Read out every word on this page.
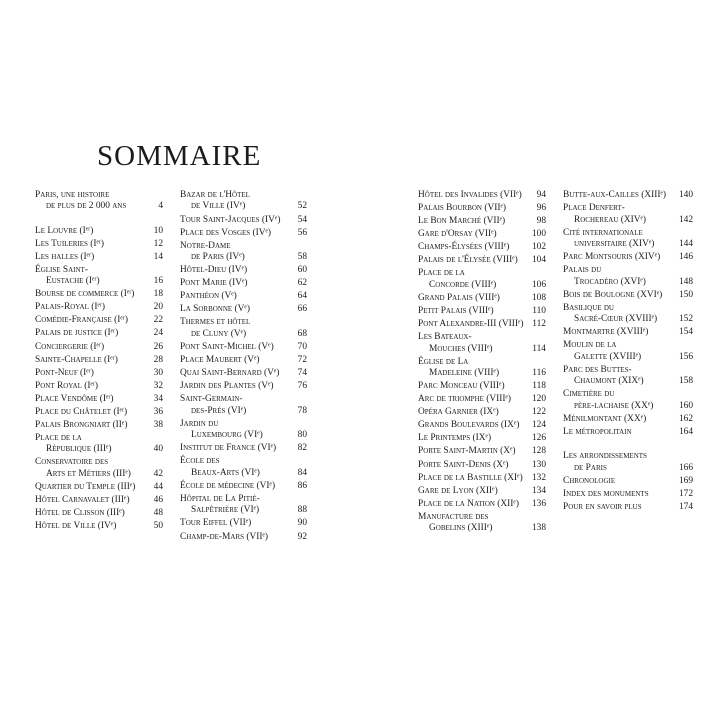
SOMMAIRE
Paris, une histoire
de plus de 2 000 ans	4
Le Louvre (Iᵉʳ)	10
Les Tuileries (Iᵉʳ)	12
Les halles (Iᵉʳ)	14
Église Saint-
Eustache (Iᵉʳ)	16
Bourse de commerce (Iᵉʳ)	18
Palais-Royal (Iᵉʳ)	20
Comédie-Française (Iᵉʳ)	22
Palais de justice (Iᵉʳ)	24
Conciergerie (Iᵉʳ)	26
Sainte-Chapelle (Iᵉʳ)	28
Pont-Neuf (Iᵉʳ)	30
Pont Royal (Iᵉʳ)	32
Place Vendôme (Iᵉʳ)	34
Place du Châtelet (Iᵉʳ)	36
Palais Brongniart (IIᵉ)	38
Place de la
République (IIIᵉ)	40
Conservatoire des
Arts et Métiers (IIIᵉ)	42
Quartier du Temple (IIIᵉ)	44
Hôtel Carnavalet (IIIᵉ)	46
Hôtel de Clisson (IIIᵉ)	48
Hôtel de Ville (IVᵉ)	50
Bazar de l'Hôtel
de Ville (IVᵉ)	52
Tour Saint-Jacques (IVᵉ)	54
Place des Vosges (IVᵉ)	56
Notre-Dame
de Paris (IVᵉ)	58
Hôtel-Dieu (IVᵉ)	60
Pont Marie (IVᵉ)	62
Panthéon (Vᵉ)	64
La Sorbonne (Vᵉ)	66
Thermes et hôtel
de Cluny (Vᵉ)	68
Pont Saint-Michel (Vᵉ)	70
Place Maubert (Vᵉ)	72
Quai Saint-Bernard (Vᵉ)	74
Jardin des Plantes (Vᵉ)	76
Saint-Germain-
des-Prés (VIᵉ)	78
Jardin du
Luxembourg (VIᵉ)	80
Institut de France (VIᵉ)	82
École des
Beaux-Arts (VIᵉ)	84
École de médecine (VIᵉ)	86
Hôpital de La Pitié-
Salpêtrière (VIᵉ)	88
Tour Eiffel (VIIᵉ)	90
Champ-de-Mars (VIIᵉ)	92
Hôtel des Invalides (VIIᵉ)	94
Palais Bourbon (VIIᵉ)	96
Le Bon Marché (VIIᵉ)	98
Gare d'Orsay (VIIᵉ)	100
Champs-Élysées (VIIIᵉ)	102
Palais de l'Élysée (VIIIᵉ)	104
Place de la
Concorde (VIIIᵉ)	106
Grand Palais (VIIIᵉ)	108
Petit Palais (VIIIᵉ)	110
Pont Alexandre-III (VIIIᵉ) 112
Les Bateaux-
Mouches (VIIIᵉ)	114
Église de La
Madeleine (VIIIᵉ)	116
Parc Monceau (VIIIᵉ)	118
Arc de triomphe (VIIIᵉ)	120
Opéra Garnier (IXᵉ)	122
Grands Boulevards (IXᵉ)	124
Le Printemps (IXᵉ)	126
Porte Saint-Martin (Xᵉ)	128
Porte Saint-Denis (Xᵉ)	130
Place de la Bastille (XIᵉ) 132
Gare de Lyon (XIIᵉ)	134
Place de la Nation (XIIᵉ)	136
Manufacture des
Gobelins (XIIIᵉ)	138
Butte-aux-Cailles (XIIIᵉ)	140
Place Denfert-
Rochereau (XIVᵉ)	142
Cité internationale
universitaire (XIVᵉ)	144
Parc Montsouris (XIVᵉ)	146
Palais du
Trocadéro (XVIᵉ)	148
Bois de Boulogne (XVIᵉ)	150
Basilique du
Sacré-Cœur (XVIIIᵉ)	152
Montmartre (XVIIIᵉ)	154
Moulin de la
Galette (XVIIIᵉ)	156
Parc des Buttes-
Chaumont (XIXᵉ)	158
Cimetière du
père-lachaise (XXᵉ)	160
Ménilmontant (XXᵉ)	162
Le métropolitain	164
Les arrondissements
de Paris	166
Chronologie	169
Index des monuments	172
Pour en savoir plus	174
